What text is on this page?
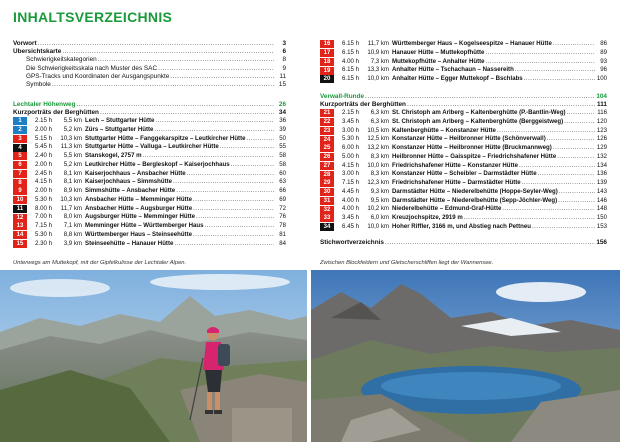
INHALTSVERZEICHNIS
Unterwegs am Muttekopf, mit der Gipfelkulisse der Lechtaler Alpen.	Zwischen Blockfeldern und Gletscherschliffen liegt der Wannensee.
Vorwort .....	3
Übersichtskarte .....	6
Schwierigkeitskategorien .....	8
Die Schwierigkeitsskala nach Muster des SAC .....	9
GPS-Tracks und Koordinaten der Ausgangspunkte .....	11
Symbole .....	15
Lechtaler Höhenweg .....	26
Kurzporträts der Berghütten .....	34
1	2.15 h	5,5 km Lech – Stuttgarter Hütte .....	36
2	2.00 h	5,2 km Zürs – Stuttgarter Hütte .....	39
3	5.15 h	10,3 km Stuttgarter Hütte – Fanggekarspitze – Leutkircher Hütte .....	50
4	5.45 h	11,3 km Stuttgarter Hütte – Valluga – Leutkircher Hütte .....	55
5	2.40 h	5,5 km Stanskogel, 2757 m .....	58
6	2.00 h	5,2 km Leutkircher Hütte – Bergleskopf – Kaiserjochhaus .....	58
7	2.45 h	8,1 km Kaiserjochhaus – Ansbacher Hütte .....	60
8	4.15 h	8,1 km Kaiserjochhaus – Simmshütte .....	63
9	2.00 h	8,9 km Simmshütte – Ansbacher Hütte .....	66
10	5.30 h	10,3 km Ansbacher Hütte – Memminger Hütte .....	69
11	8.00 h	11,7 km Ansbacher Hütte – Augsburger Hütte .....	72
12	7.00 h	8,0 km Augsburger Hütte – Memminger Hütte .....	76
13	7.15 h	7,1 km Memminger Hütte – Württemberger Haus .....	78
14	5.30 h	8,8 km Württemberger Haus – Steinseehütte .....	81
15	2.30 h	3,9 km Steinseehütte – Hanauer Hütte .....	84
16	6.15 h	11,7 km Württemberger Haus – Kogelseespitze – Hanauer Hütte .....	86
17	6.15 h	10,9 km Hanauer Hütte – Muttekopfhütte .....	89
18	4.00 h	7,3 km Muttekopfhütte – Anhalter Hütte .....	93
19	6.15 h	13,3 km Anhalter Hütte – Tschachaun – Nassereith .....	96
20	6.15 h	10,0 km Anhalter Hütte – Egger Muttekopf – Bschlabs .....	100
Verwall-Runde .....	104
Kurzporträts der Berghütten .....	111
21	2.15 h	6,3 km St. Christoph am Arlberg – Kaltenberghütte (P.-Bantlin-Weg) .....	116
22	3.45 h	6,3 km St. Christoph am Arlberg – Kaltenberghütte (Berggeistweg) .....	120
23	3.00 h	10,5 km Kaltenberghütte – Konstanzer Hütte .....	123
24	5.30 h	12,5 km Konstanzer Hütte – Heilbronner Hütte (Schönverwall) .....	126
25	6.00 h	13,2 km Konstanzer Hütte – Heilbronner Hütte (Bruckmannweg) .....	129
26	5.00 h	8,3 km Heilbronner Hütte – Gaisspitze – Friedrichshafener Hütte .....	132
27	4.15 h	10,0 km Friedrichshafener Hütte – Konstanzer Hütte .....	134
28	3.00 h	8,3 km Konstanzer Hütte – Scheibler – Darmstädter Hütte .....	136
29	7.15 h	12,3 km Friedrichshafener Hütte – Darmstädter Hütte .....	139
30	4.45 h	9,3 km Darmstädter Hütte – Niederelbehütte (Hoppe-Seyler-Weg) .....	143
31	4.00 h	9,5 km Darmstädter Hütte – Niederelbehütte (Sepp-Jöchler-Weg) .....	146
32	4.00 h	10,2 km Niederelbehütte – Edmund-Graf-Hütte .....	148
33	3.45 h	6,0 km Kreuzjochspitze, 2919 m .....	150
34	6.45 h	10,0 km Hoher Riffler, 3166 m, und Abstieg nach Pettneu .....	153
Stichwortverzeichnis .....	156
